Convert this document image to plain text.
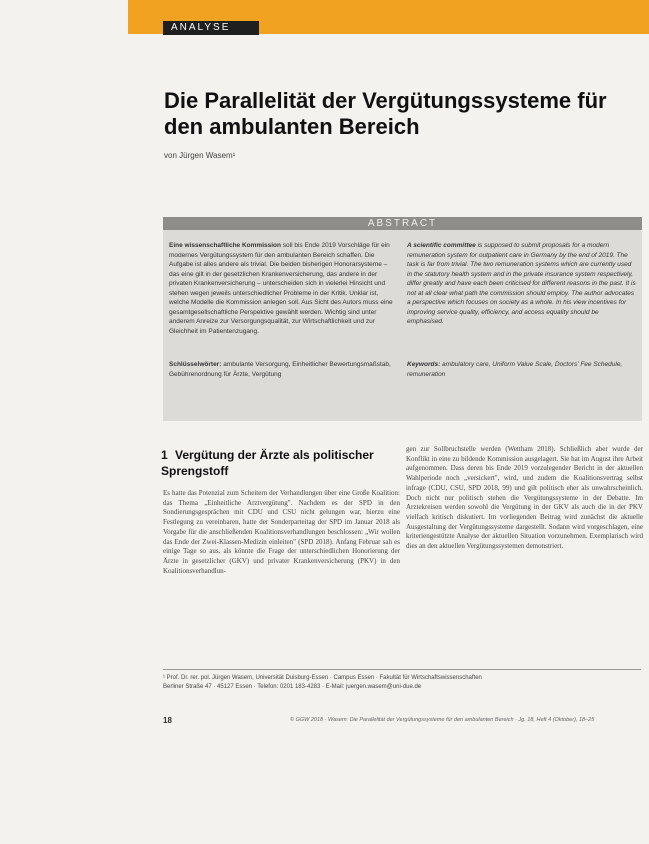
ANALYSE
Die Parallelität der Vergütungssysteme für den ambulanten Bereich
von Jürgen Wasem¹
ABSTRACT
Eine wissenschaftliche Kommission soll bis Ende 2019 Vorschläge für ein modernes Vergütungssystem für den ambulanten Bereich schaffen. Die Aufgabe ist alles andere als trivial. Die beiden bisherigen Honorarsysteme – das eine gilt in der gesetzlichen Krankenversicherung, das andere in der privaten Krankenversicherung – unterscheiden sich in vielerlei Hinsicht und stehen wegen jeweils unterschiedlicher Probleme in der Kritik. Unklar ist, welche Modelle die Kommission anlegen soll. Aus Sicht des Autors muss eine gesamtgesellschaftliche Perspektive gewählt werden. Wichtig sind unter anderem Anreize zur Versorgungsqualität, zur Wirtschaftlichkeit und zur Gleichheit im Patientenzugang.
A scientific committee is supposed to submit proposals for a modern remuneration system for outpatient care in Germany by the end of 2019. The task is far from trivial. The two remuneration systems which are currently used in the statutory health system and in the private insurance system respectively, differ greatly and have each been criticised for different reasons in the past. It is not at all clear what path the commission should employ. The author advocates a perspective which focuses on society as a whole. In his view incentives for improving service quality, efficiency, and access equality should be emphasised.
Schlüsselwörter: ambulante Versorgung, Einheitlicher Bewertungsmaßstab, Gebührenordnung für Ärzte, Vergütung
Keywords: ambulatory care, Uniform Value Scale, Doctors' Fee Schedule, remuneration
1 Vergütung der Ärzte als politischer Sprengstoff
Es hatte das Potenzial zum Scheitern der Verhandlungen über eine Große Koalition: das Thema „Einheitliche Arztvergütung". Nachdem es der SPD in den Sondierungsgesprächen mit CDU und CSU nicht gelungen war, hierzu eine Festlegung zu vereinbaren, hatte der Sonderparteitag der SPD im Januar 2018 als Vorgabe für die anschließenden Koalitionsverhandlungen beschlossen: „Wir wollen das Ende der Zwei-Klassen-Medizin einleiten" (SPD 2018). Anfang Februar sah es einige Tage so aus, als könnte die Frage der unterschiedlichen Honorierung der Ärzte in gesetzlicher (GKV) und privater Krankenversicherung (PKV) in den Koalitionsverhandlun-
gen zur Sollbruchstelle werden (Wettham 2018). Schließlich aber wurde der Konflikt in eine zu bildende Kommission ausgelagert. Sie hat im August ihre Arbeit aufgenommen. Dass deren bis Ende 2019 vorzulegender Bericht in der aktuellen Wahlperiode noch „versickert", wird, und zudem die Koalitionsvertrag selbst infrage (CDU, CSU, SPD 2018, 99) und gilt politisch eher als unwahrscheinlich. Doch nicht nur politisch stehen die Vergütungssysteme in der Debatte. Im Arztekreisen werden sowohl die Vergütung in der GKV als auch die in der PKV vielfach kritisch diskutiert. Im vorliegenden Beitrag wird zunächst die aktuelle Ausgestaltung der Vergütungssysteme dargestellt. Sodann wird vorgeschlagen, eine kriteriengestützte Analyse der aktuellen Situation vorzunehmen. Exemplarisch wird dies an den aktuellen Vergütungssystemen demonstriert.
¹ Prof. Dr. rer. pol. Jürgen Wasem, Universität Duisburg-Essen · Campus Essen · Fakultät für Wirtschaftswissenschaften
Berliner Straße 47 · 45127 Essen · Telefon: 0201 183-4283 · E-Mail: juergen.wasem@uni-due.de
18	© GGW 2018 · Wasem: Die Parallelität der Vergütungssysteme für den ambulanten Bereich · Jg. 18, Heft 4 (Oktober), 18–25
